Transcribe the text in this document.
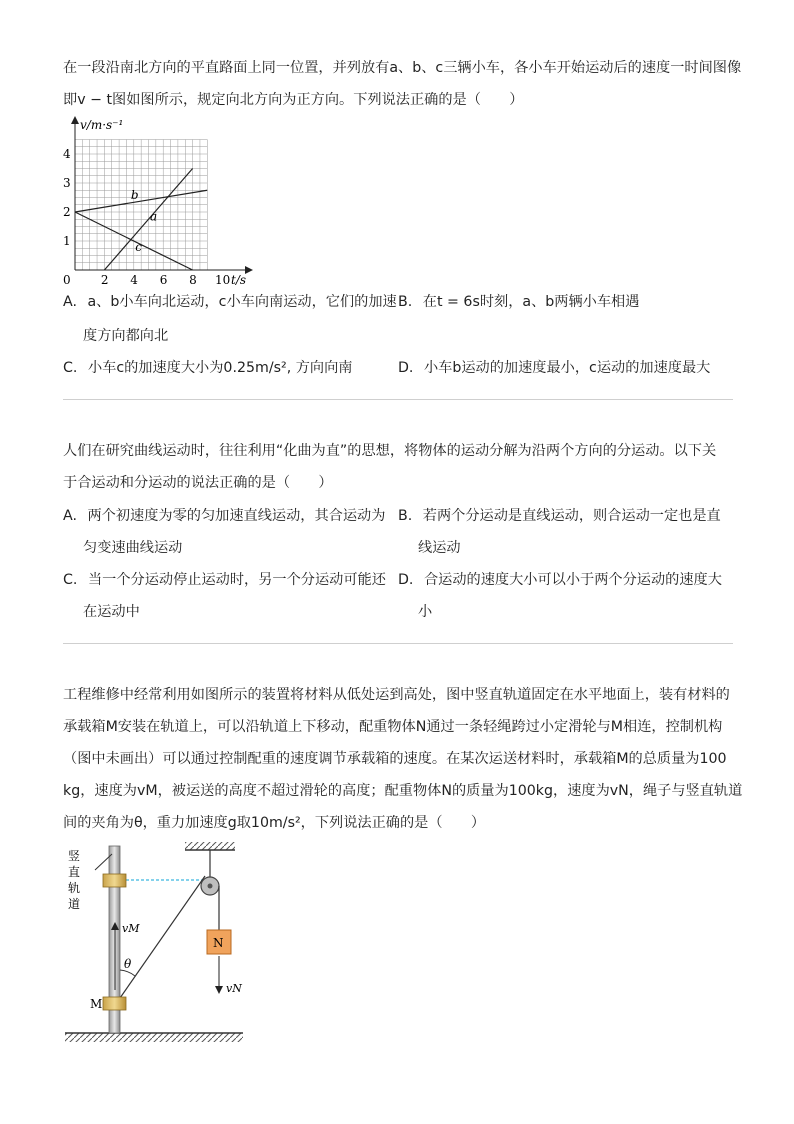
在一段沿南北方向的平直路面上同一位置，并列放有a、b、c三辆小车，各小车开始运动后的速度一时间图像
即v − t图如图所示，规定向北方向为正方向。下列说法正确的是（　　）
a
b
c
0	2 4 6 8 10
1
2
3
4
v/m·s⁻¹
t/s
A. a、b小车向北运动，c小车向南运动，它们的加速
度方向都向北
B. 在t = 6s时刻，a、b两辆小车相遇
C. 小车c的加速度大小为0.25m/s², 方向向南	D. 小车b运动的加速度最小，c运动的加速度最大
人们在研究曲线运动时，往往利用“化曲为直”的思想，将物体的运动分解为沿两个方向的分运动。以下关
于合运动和分运动的说法正确的是（　　）
A. 两个初速度为零的匀加速直线运动，其合运动为
匀变速曲线运动
B. 若两个分运动是直线运动，则合运动一定也是直
线运动
C. 当一个分运动停止运动时，另一个分运动可能还
在运动中
D. 合运动的速度大小可以小于两个分运动的速度大
小
工程维修中经常利用如图所示的装置将材料从低处运到高处，图中竖直轨道固定在水平地面上，装有材料的
承载箱M安装在轨道上，可以沿轨道上下移动，配重物体N通过一条轻绳跨过小定滑轮与M相连，控制机构
（图中未画出）可以通过控制配重的速度调节承载箱的速度。在某次运送材料时，承载箱M的总质量为100
kg，速度为vM，被运送的高度不超过滑轮的高度；配重物体N的质量为100kg，速度为vN，绳子与竖直轨道
间的夹角为θ，重力加速度g取10m/s²，下列说法正确的是（　　）
竖
直
轨
道
N
vN
M
vM
θ
